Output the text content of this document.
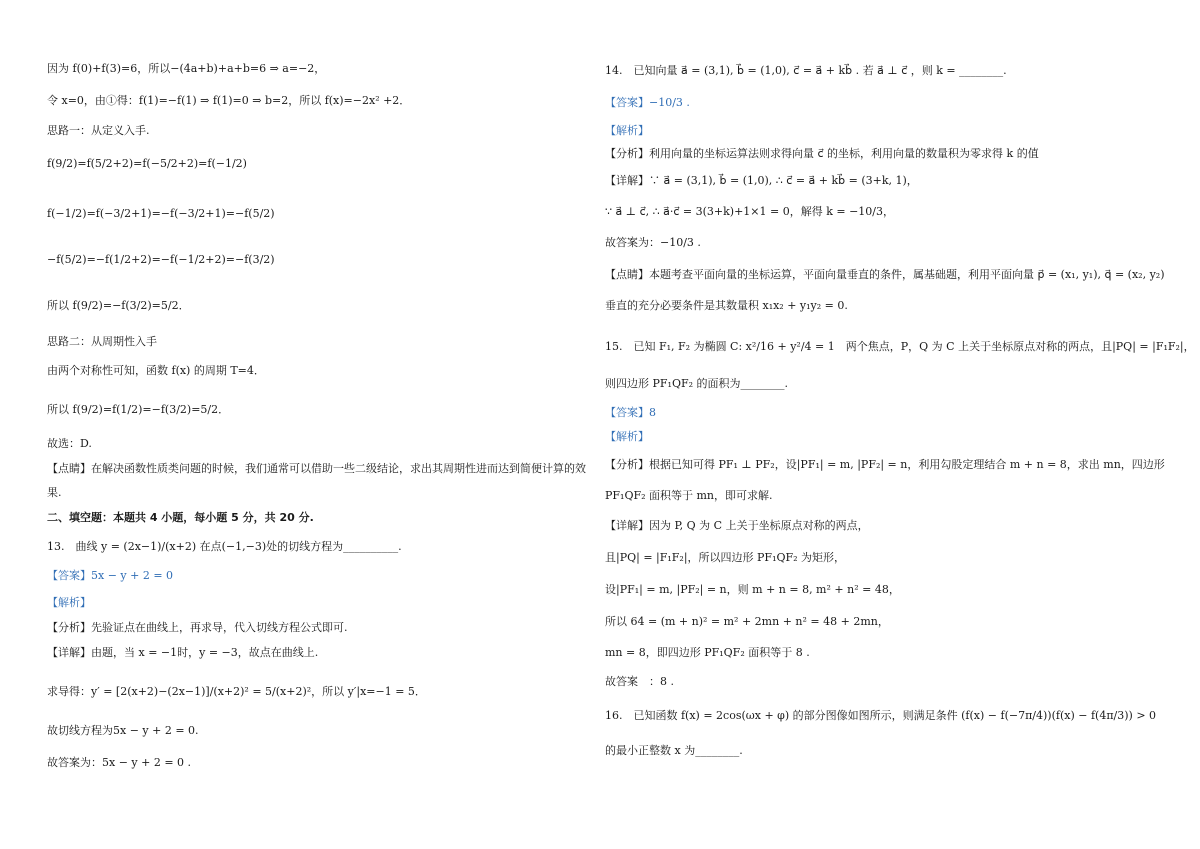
因为 f(0)+f(3)=6，所以−(4a+b)+a+b=6 ⇒ a=−2，
令 x=0，由①得：f(1)=−f(1) ⇒ f(1)=0 ⇒ b=2，所以 f(x)=−2x² +2．
思路一：从定义入手.
f(9/2)=f(5/2+2)=f(−5/2+2)=f(−1/2)
f(−1/2)=f(−3/2+1)=−f(−3/2+1)=−f(5/2)
−f(5/2)=−f(1/2+2)=−f(−1/2+2)=−f(3/2)
所以 f(9/2)=−f(3/2)=5/2．
思路二：从周期性入手
由两个对称性可知，函数 f(x) 的周期 T=4．
所以 f(9/2)=f(1/2)=−f(3/2)=5/2．
故选：D.
【点睛】在解决函数性质类问题的时候，我们通常可以借助一些二级结论，求出其周期性进而达到简便计算的效
果.
二、填空题：本题共 4 小题，每小题 5 分，共 20 分.
13.　曲线 y = (2x−1)/(x+2) 在点(−1,−3)处的切线方程为__________.
【答案】5x − y + 2 = 0
【解析】
【分析】先验证点在曲线上，再求导，代入切线方程公式即可.
【详解】由题，当 x = −1时，y = −3，故点在曲线上.
求导得：y′ = [2(x+2)−(2x−1)]/(x+2)² = 5/(x+2)²，所以 y′|x=−1 = 5．
故切线方程为5x − y + 2 = 0.
故答案为：5x − y + 2 = 0 .
14.　已知向量 a⃗ = (3,1), b⃗ = (1,0), c⃗ = a⃗ + kb⃗ . 若 a⃗ ⊥ c⃗ ，则 k = ________.
【答案】−10/3 .
【解析】
【分析】利用向量的坐标运算法则求得向量 c⃗ 的坐标，利用向量的数量积为零求得 k 的值
【详解】∵ a⃗ = (3,1), b⃗ = (1,0), ∴ c⃗ = a⃗ + kb⃗ = (3+k, 1)，
∵ a⃗ ⊥ c⃗, ∴ a⃗·c⃗ = 3(3+k)+1×1 = 0，解得 k = −10/3，
故答案为：−10/3 .
【点睛】本题考查平面向量的坐标运算，平面向量垂直的条件，属基础题，利用平面向量 p⃗ = (x₁, y₁), q⃗ = (x₂, y₂)
垂直的充分必要条件是其数量积 x₁x₂ + y₁y₂ = 0.
15.　已知 F₁, F₂ 为椭圆 C: x²/16 + y²/4 = 1　两个焦点，P，Q 为 C 上关于坐标原点对称的两点，且|PQ| = |F₁F₂|，
则四边形 PF₁QF₂ 的面积为________.
【答案】8
【解析】
【分析】根据已知可得 PF₁ ⊥ PF₂，设|PF₁| = m, |PF₂| = n，利用勾股定理结合 m + n = 8，求出 mn，四边形
PF₁QF₂ 面积等于 mn，即可求解.
【详解】因为 P, Q 为 C 上关于坐标原点对称的两点，
且|PQ| = |F₁F₂|，所以四边形 PF₁QF₂ 为矩形，
设|PF₁| = m, |PF₂| = n，则 m + n = 8, m² + n² = 48，
所以 64 = (m + n)² = m² + 2mn + n² = 48 + 2mn，
mn = 8，即四边形 PF₁QF₂ 面积等于 8 .
故答案　：8 .
16.　已知函数 f(x) = 2cos(ωx + φ) 的部分图像如图所示，则满足条件 (f(x) − f(−7π/4))(f(x) − f(4π/3)) > 0
的最小正整数 x 为________.
